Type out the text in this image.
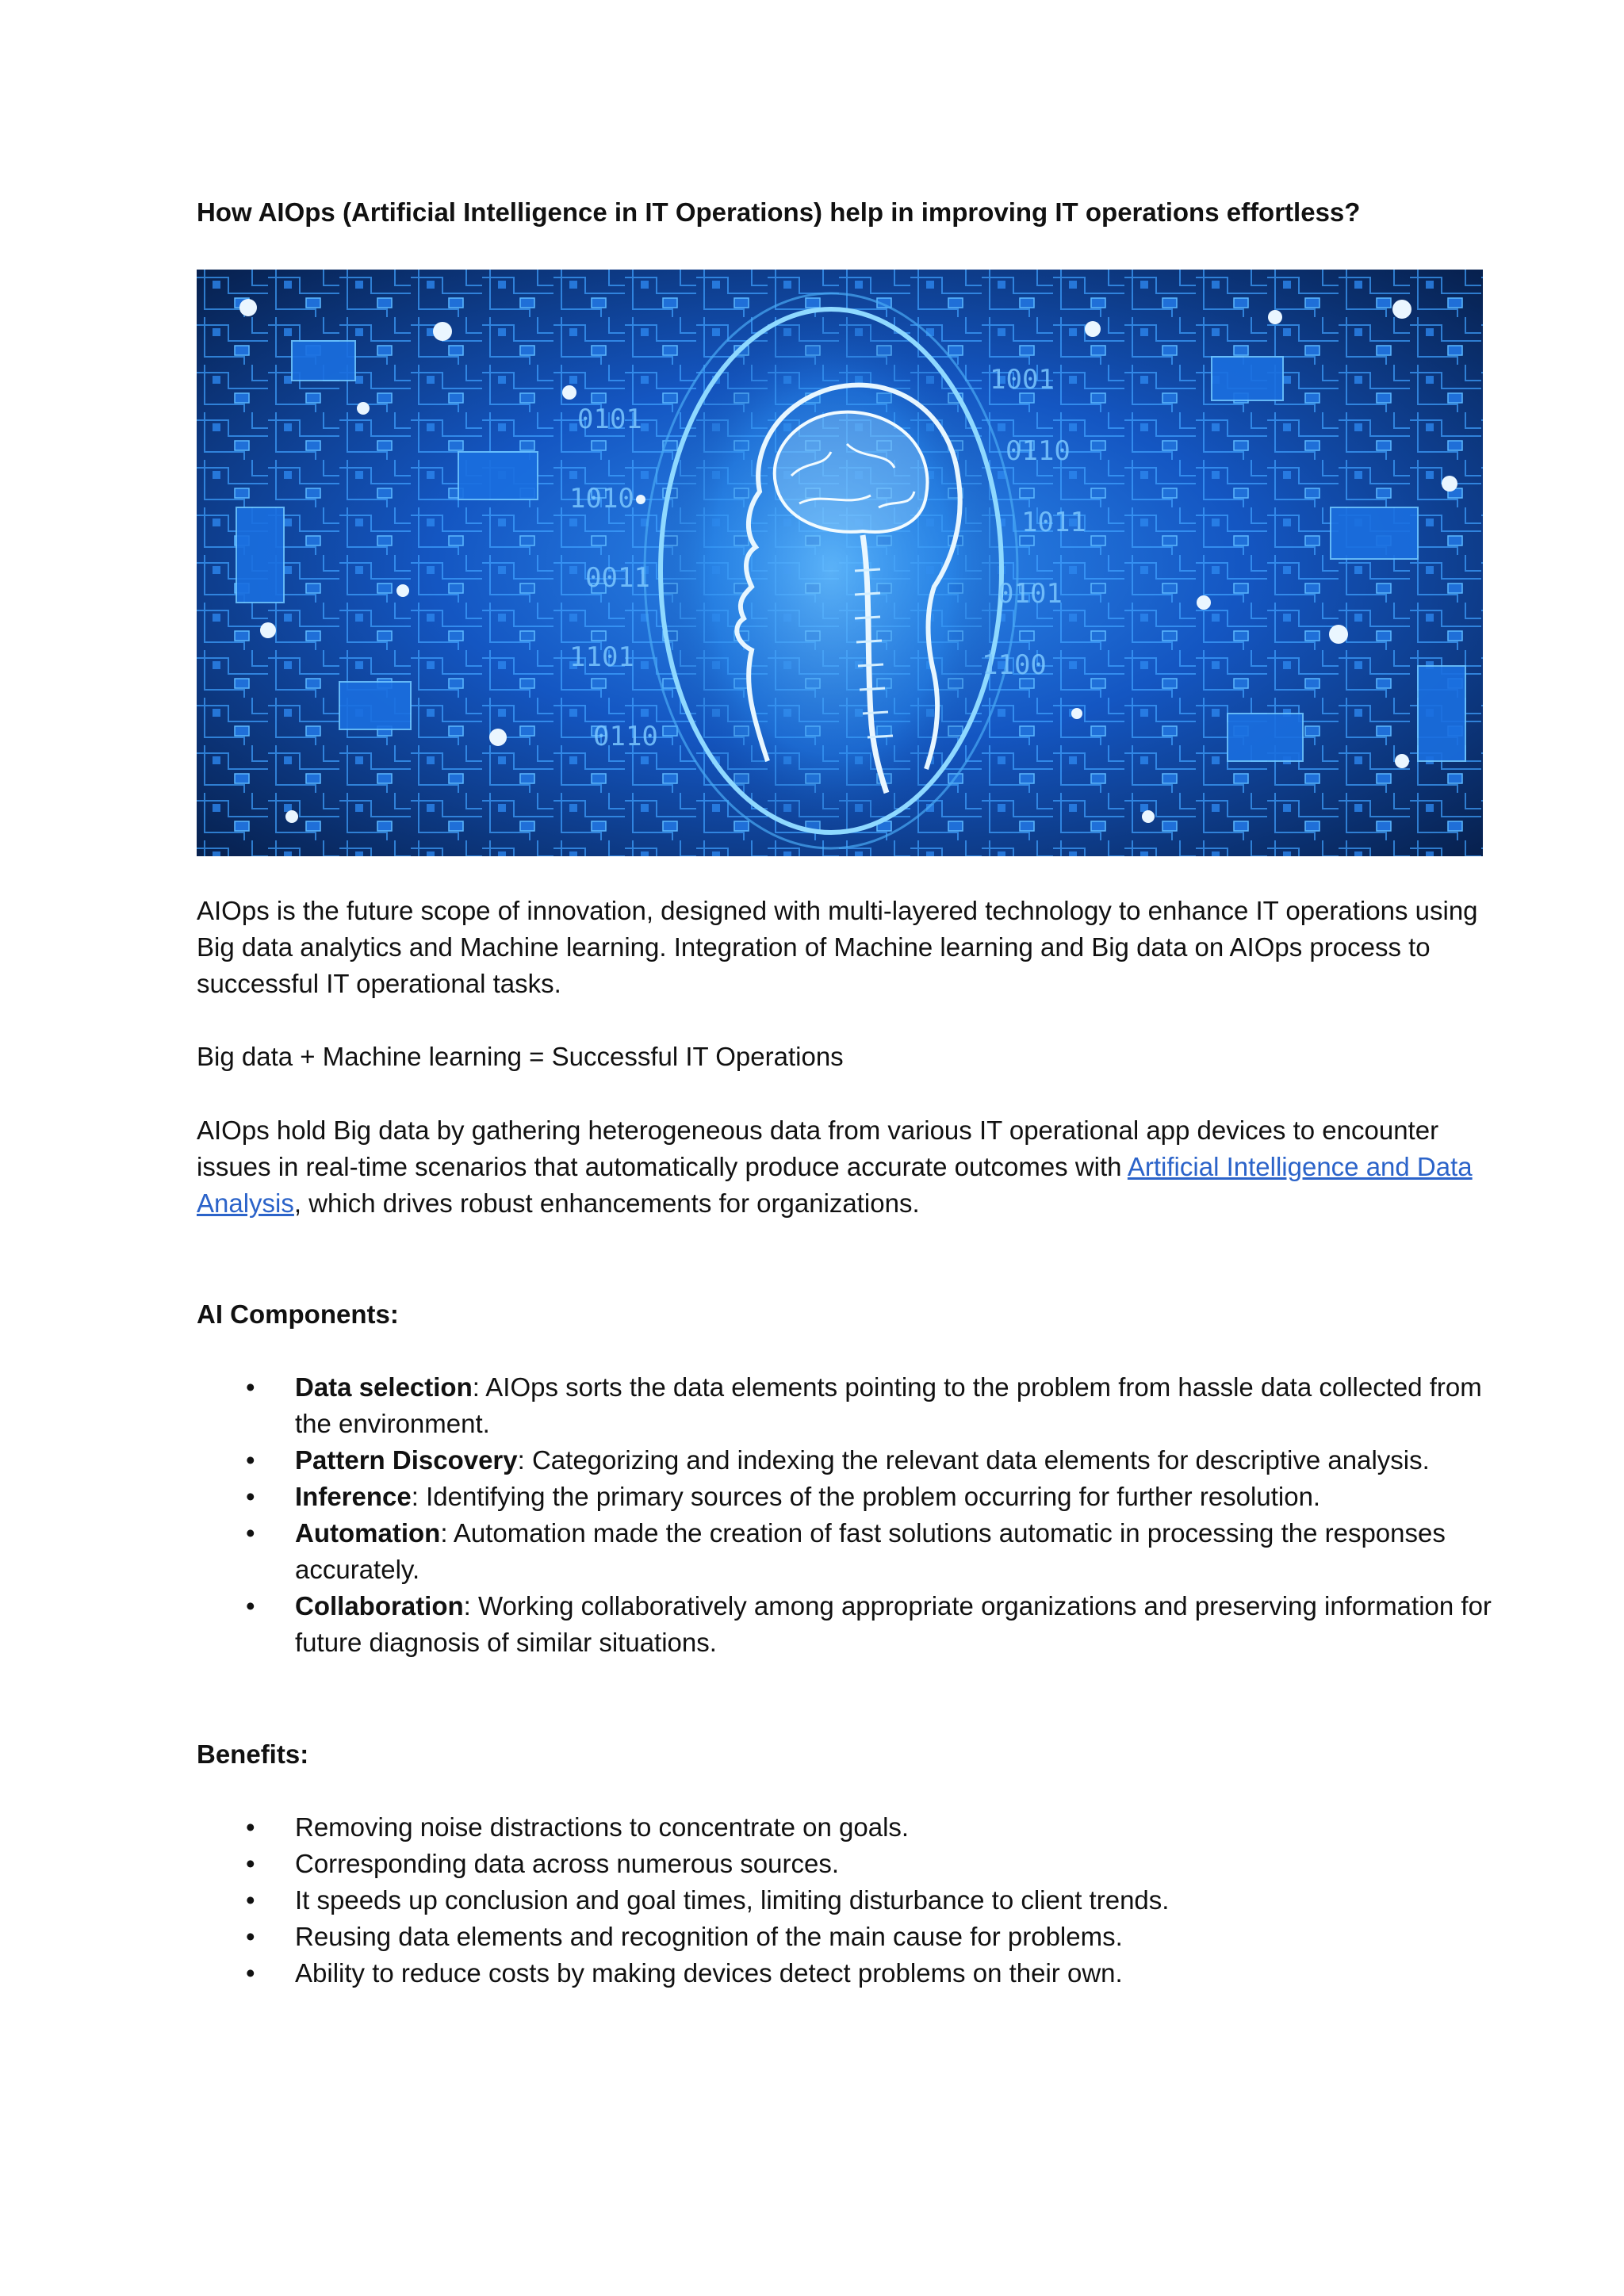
How AIOps (Artificial Intelligence in IT Operations) help in improving IT operations effortless?
1001
0110
1011
0101
1100
0101
1010
0011
1101
0110

AIOps is the future scope of innovation, designed with multi-layered technology to enhance IT operations using Big data analytics and Machine learning. Integration of Machine learning and Big data on AIOps process to successful IT operational tasks.

Big data + Machine learning = Successful IT Operations

AIOps hold Big data by gathering heterogeneous data from various IT operational app devices to encounter issues in real-time scenarios that automatically produce accurate outcomes with Artificial Intelligence and Data Analysis, which drives robust enhancements for organizations.

AI Components:
• Data selection: AIOps sorts the data elements pointing to the problem from hassle data collected from the environment.
• Pattern Discovery: Categorizing and indexing the relevant data elements for descriptive analysis.
• Inference: Identifying the primary sources of the problem occurring for further resolution.
• Automation: Automation made the creation of fast solutions automatic in processing the responses accurately.
• Collaboration: Working collaboratively among appropriate organizations and preserving information for future diagnosis of similar situations.
Benefits:
• Removing noise distractions to concentrate on goals.
• Corresponding data across numerous sources.
• It speeds up conclusion and goal times, limiting disturbance to client trends.
• Reusing data elements and recognition of the main cause for problems.
• Ability to reduce costs by making devices detect problems on their own.
